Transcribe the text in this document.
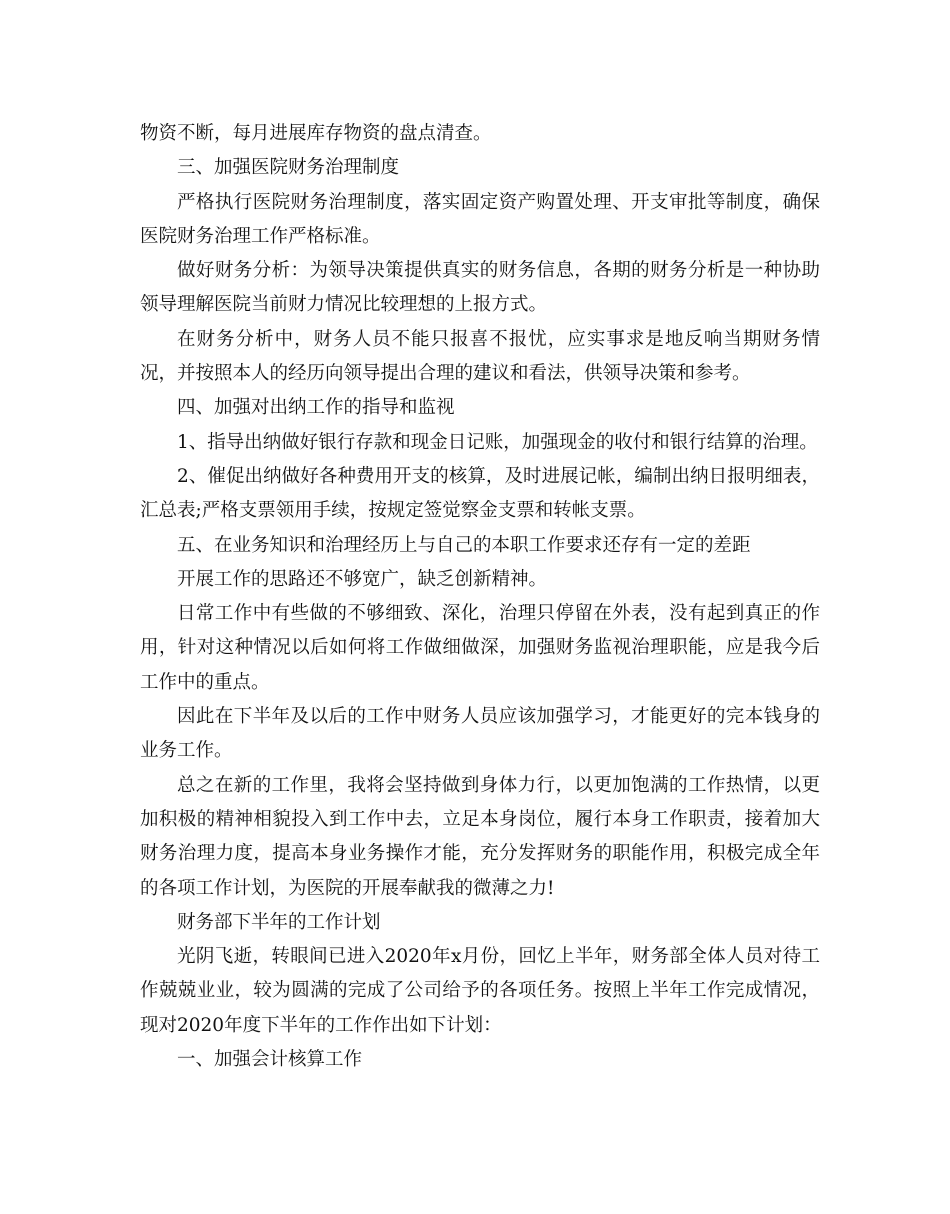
物资不断，每月进展库存物资的盘点清查。

三、加强医院财务治理制度

严格执行医院财务治理制度，落实固定资产购置处理、开支审批等制度，确保医院财务治理工作严格标准。

做好财务分析：为领导决策提供真实的财务信息，各期的财务分析是一种协助领导理解医院当前财力情况比较理想的上报方式。

在财务分析中，财务人员不能只报喜不报忧，应实事求是地反响当期财务情况，并按照本人的经历向领导提出合理的建议和看法，供领导决策和参考。

四、加强对出纳工作的指导和监视

1、指导出纳做好银行存款和现金日记账，加强现金的收付和银行结算的治理。

2、催促出纳做好各种费用开支的核算，及时进展记帐，编制出纳日报明细表，汇总表;严格支票领用手续，按规定签觉察金支票和转帐支票。

五、在业务知识和治理经历上与自己的本职工作要求还存有一定的差距

开展工作的思路还不够宽广，缺乏创新精神。

日常工作中有些做的不够细致、深化，治理只停留在外表，没有起到真正的作用，针对这种情况以后如何将工作做细做深，加强财务监视治理职能，应是我今后工作中的重点。

因此在下半年及以后的工作中财务人员应该加强学习，才能更好的完本钱身的业务工作。

总之在新的工作里，我将会坚持做到身体力行，以更加饱满的工作热情，以更加积极的精神相貌投入到工作中去，立足本身岗位，履行本身工作职责，接着加大财务治理力度，提高本身业务操作才能，充分发挥财务的职能作用，积极完成全年的各项工作计划，为医院的开展奉献我的微薄之力!

财务部下半年的工作计划

光阴飞逝，转眼间已进入2020年x月份，回忆上半年，财务部全体人员对待工作兢兢业业，较为圆满的完成了公司给予的各项任务。按照上半年工作完成情况，现对2020年度下半年的工作作出如下计划：

一、加强会计核算工作
